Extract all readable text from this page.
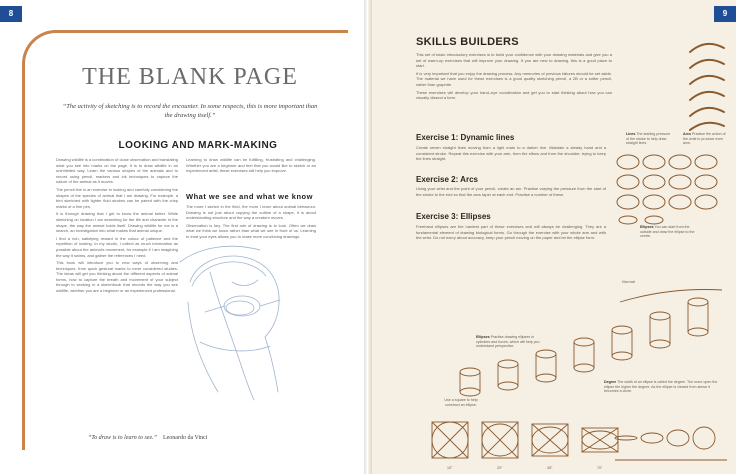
8
THE BLANK PAGE
“The activity of sketching is to record the encounter. In some respects, this is more important than the drawing itself.”
LOOKING AND MARK-MAKING

Drawing wildlife is a combination of close observation and translating what you see into marks on the page. It is to draw wildlife in an uninhibited way. Learn the various shapes of the animals and to record using pencil, markers and ink techniques to capture the nature of the animal as it moves.

The pencil line is an exercise in looking and carefully considering the shapes of the species of animal that I am drawing. For example, a bird sketched with lighter fluid strokes can be paired with the crisp marks of a fine pen.

It is through drawing that I get to know the animal better. While sketching on location I am searching for the life and character in the shape, the way the animal holds itself. Drawing wildlife for me is a search, an investigation into what makes that animal unique.

I find a rich, satisfying reward in the colour of patience and the repetition of looking. In my studio, I collect as much information as possible about the animal's movement, for example if I am imagining the way it swims, and gather the references I need.

This book will introduce you to new ways of observing and techniques, from quick gestural marks to more considered studies. The ideas will get you thinking about the different aspects of animal forms, how to capture the breath and movement of your subject through to working in a sketchbook that records the way you see wildlife, whether you are a beginner or an experienced professional.

Learning to draw wildlife can be fulfilling, frustrating and challenging. Whether you are a beginner and feel that you would like to sketch or an experienced artist, these exercises will help you improve.

What we see and what we know

The more I sketch in the field, the more I learn about animal behaviour. Drawing is not just about copying the outline of a shape, it is about understanding structure and the way a creature moves.

Observation is key. The first rule of drawing is to look. Often we draw what we think we know rather than what we see in front of us. Learning to trust your eyes allows you to make more convincing drawings.

“To draw is to learn to see.” Leonardo da Vinci
9
SKILLS BUILDERS

This set of basic introductory exercises is to build your confidence with your drawing materials and give you a set of warm-up exercises that will improve your drawing. If you are new to drawing, this is a good place to start.

It is very important that you enjoy the drawing process. Any memories of previous failures should be set aside. The material we have used for these exercises is a good quality sketching pencil, a 2B or a softer pencil, rather than graphite.

These exercises will develop your hand–eye coordination and get you to start thinking about how you can visually dissect a form.

Exercise 1: Dynamic lines
Create seven straight lines moving from a light mark to a darker line. Maintain a steady hand and a consistent stroke. Repeat this exercise with your arm, from the elbow and from the shoulder, trying to keep the lines straight.
Exercise 2: Arcs
Using your wrist and the point of your pencil, create an arc. Practise varying the pressure from the start of the stroke to the end so that the arcs taper at each end. Practise a number of these.
Exercise 3: Ellipses
Freehand ellipses are the hardest part of these exercises and will always be challenging. They are a fundamental element of drawing biological forms. Go through the exercise with your whole arm and with the wrist. Do not worry about accuracy, keep your pencil moving on the paper and let the ellipse form.
Lines The starting pressure of the stroke to help draw straight lines.
Arcs Practise the action of the wrist to produce even arcs.
Ellipses You can start from the outside and draw the ellipse to the centre.
Normal
Ellipses Practise drawing ellipses in cylinders and boxes, which will help you understand perspective.
Degree The width of an ellipse is called the degree. The more open the ellipse the higher the degree. As the ellipse is viewed from above it becomes a circle.
Use a square to help construct an ellipse.
10°	20°	45°	70°
